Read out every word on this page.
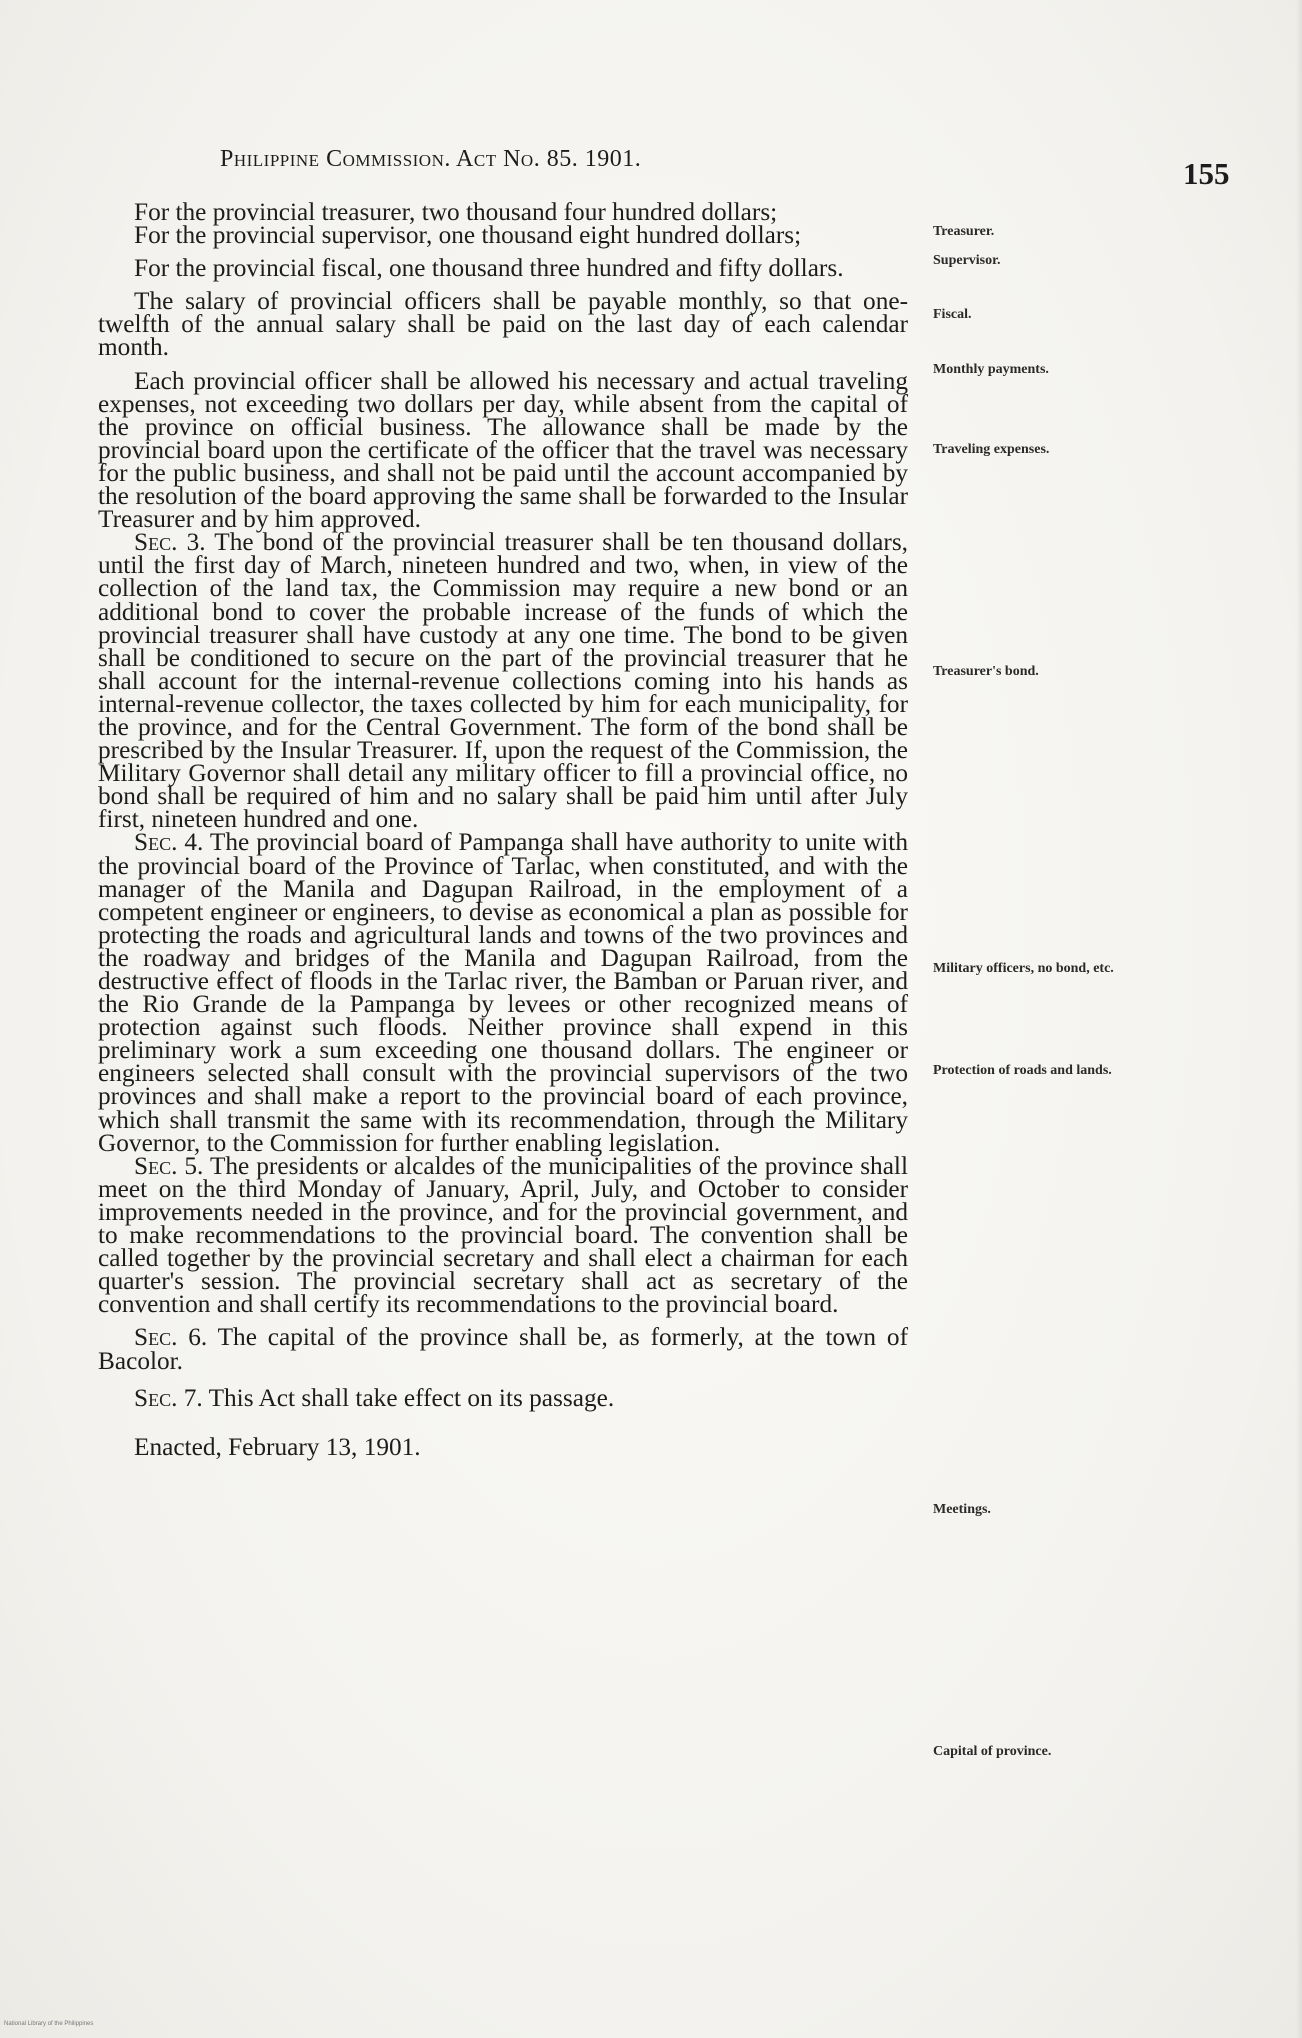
Philippine Commission. Act No. 85. 1901.	155

For the provincial treasurer, two thousand four hundred dollars;

For the provincial supervisor, one thousand eight hundred dollars;

For the provincial fiscal, one thousand three hundred and fifty dollars.

The salary of provincial officers shall be payable monthly, so that one-twelfth of the annual salary shall be paid on the last day of each calendar month.

Each provincial officer shall be allowed his necessary and actual traveling expenses, not exceeding two dollars per day, while absent from the capital of the province on official business. The allowance shall be made by the provincial board upon the certificate of the officer that the travel was necessary for the public business, and shall not be paid until the account accompanied by the resolution of the board approving the same shall be forwarded to the Insular Treasurer and by him approved.

Sec. 3. The bond of the provincial treasurer shall be ten thousand dollars, until the first day of March, nineteen hundred and two, when, in view of the collection of the land tax, the Commission may require a new bond or an additional bond to cover the probable increase of the funds of which the provincial treasurer shall have custody at any one time. The bond to be given shall be conditioned to secure on the part of the provincial treasurer that he shall account for the internal-revenue collections coming into his hands as internal-revenue collector, the taxes collected by him for each municipality, for the province, and for the Central Government. The form of the bond shall be prescribed by the Insular Treasurer. If, upon the request of the Commission, the Military Governor shall detail any military officer to fill a provincial office, no bond shall be required of him and no salary shall be paid him until after July first, nineteen hundred and one.

Sec. 4. The provincial board of Pampanga shall have authority to unite with the provincial board of the Province of Tarlac, when constituted, and with the manager of the Manila and Dagupan Railroad, in the employment of a competent engineer or engineers, to devise as economical a plan as possible for protecting the roads and agricultural lands and towns of the two provinces and the roadway and bridges of the Manila and Dagupan Railroad, from the destructive effect of floods in the Tarlac river, the Bamban or Paruan river, and the Rio Grande de la Pampanga by levees or other recognized means of protection against such floods. Neither province shall expend in this preliminary work a sum exceeding one thousand dollars. The engineer or engineers selected shall consult with the provincial supervisors of the two provinces and shall make a report to the provincial board of each province, which shall transmit the same with its recommendation, through the Military Governor, to the Commission for further enabling legislation.

Sec. 5. The presidents or alcaldes of the municipalities of the province shall meet on the third Monday of January, April, July, and October to consider improvements needed in the province, and for the provincial government, and to make recommendations to the provincial board. The convention shall be called together by the provincial secretary and shall elect a chairman for each quarter's session. The provincial secretary shall act as secretary of the convention and shall certify its recommendations to the provincial board.

Sec. 6. The capital of the province shall be, as formerly, at the town of Bacolor.

Sec. 7. This Act shall take effect on its passage.

Enacted, February 13, 1901.

Treasurer.
Supervisor.
Fiscal.
Monthly payments.
Traveling expenses.
Treasurer's bond.
Military officers, no bond, etc.
Protection of roads and lands.
Meetings.
Capital of province.
National Library of the Philippines
